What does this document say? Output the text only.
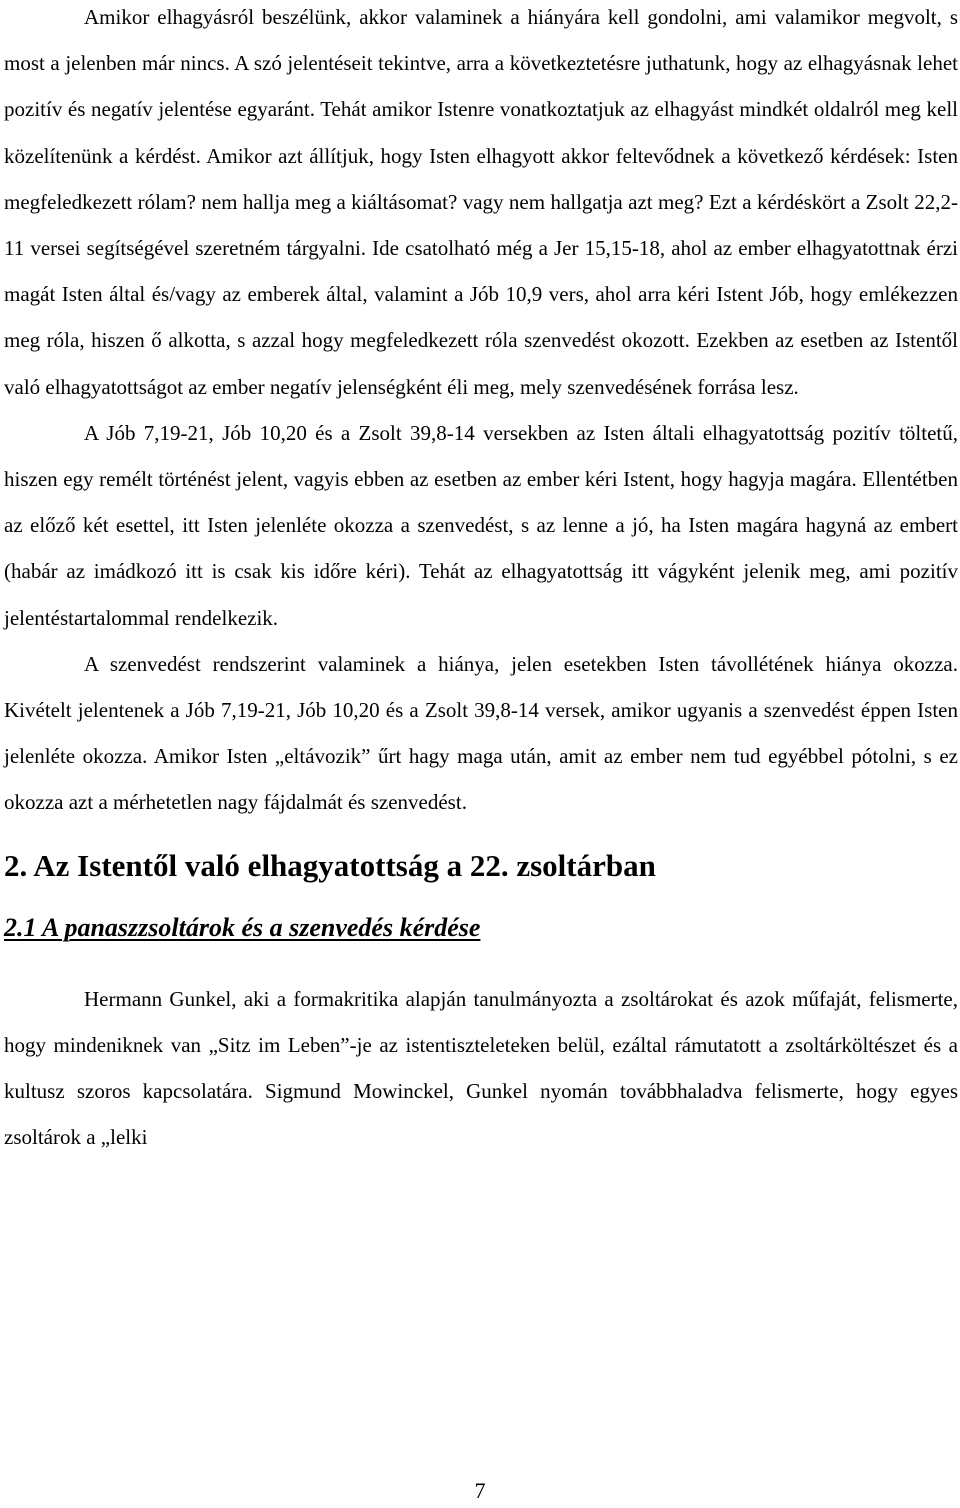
Amikor elhagyásról beszélünk, akkor valaminek a hiányára kell gondolni, ami valamikor megvolt, s most a jelenben már nincs. A szó jelentéseit tekintve, arra a következtetésre juthatunk, hogy az elhagyásnak lehet pozitív és negatív jelentése egyaránt. Tehát amikor Istenre vonatkoztatjuk az elhagyást mindkét oldalról meg kell közelítenünk a kérdést. Amikor azt állítjuk, hogy Isten elhagyott akkor feltevődnek a következő kérdések: Isten megfeledkezett rólam? nem hallja meg a kiáltásomat? vagy nem hallgatja azt meg? Ezt a kérdéskört a Zsolt 22,2-11 versei segítségével szeretném tárgyalni. Ide csatolható még a Jer 15,15-18, ahol az ember elhagyatottnak érzi magát Isten által és/vagy az emberek által, valamint a Jób 10,9 vers, ahol arra kéri Istent Jób, hogy emlékezzen meg róla, hiszen ő alkotta, s azzal hogy megfeledkezett róla szenvedést okozott. Ezekben az esetben az Istentől való elhagyatottságot az ember negatív jelenségként éli meg, mely szenvedésének forrása lesz.

A Jób 7,19-21, Jób 10,20 és a Zsolt 39,8-14 versekben az Isten általi elhagyatottság pozitív töltetű, hiszen egy remélt történést jelent, vagyis ebben az esetben az ember kéri Istent, hogy hagyja magára. Ellentétben az előző két esettel, itt Isten jelenléte okozza a szenvedést, s az lenne a jó, ha Isten magára hagyná az embert (habár az imádkozó itt is csak kis időre kéri). Tehát az elhagyatottság itt vágyként jelenik meg, ami pozitív jelentéstartalommal rendelkezik.

A szenvedést rendszerint valaminek a hiánya, jelen esetekben Isten távollétének hiánya okozza. Kivételt jelentenek a Jób 7,19-21, Jób 10,20 és a Zsolt 39,8-14 versek, amikor ugyanis a szenvedést éppen Isten jelenléte okozza. Amikor Isten „eltávozik” űrt hagy maga után, amit az ember nem tud egyébbel pótolni, s ez okozza azt a mérhetetlen nagy fájdalmát és szenvedést.

2. Az Istentől való elhagyatottság a 22. zsoltárban
2.1 A panaszzsoltárok és a szenvedés kérdése

Hermann Gunkel, aki a formakritika alapján tanulmányozta a zsoltárokat és azok műfaját, felismerte, hogy mindeniknek van „Sitz im Leben”-je az istentiszteleteken belül, ezáltal rámutatott a zsoltárköltészet és a kultusz szoros kapcsolatára. Sigmund Mowinckel, Gunkel nyomán továbbhaladva felismerte, hogy egyes zsoltárok a „lelki

7
